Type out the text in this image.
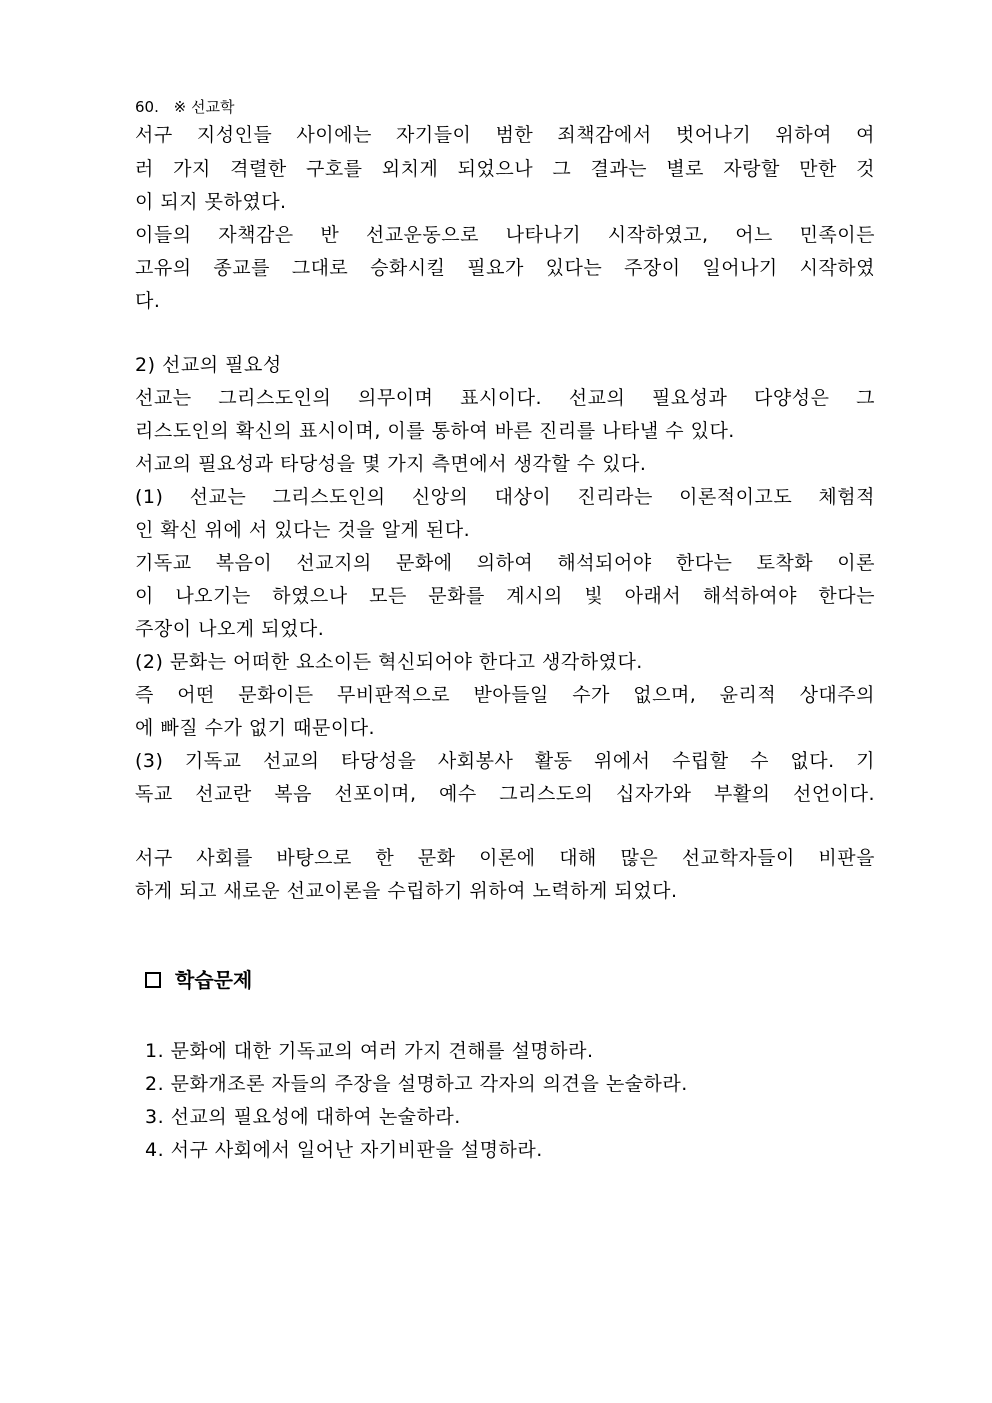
60. ※ 선교학
서구 지성인들 사이에는 자기들이 범한 죄책감에서 벗어나기 위하여 여
러 가지 격렬한 구호를 외치게 되었으나 그 결과는 별로 자랑할 만한 것
이 되지 못하였다.
이들의 자책감은 반 선교운동으로 나타나기 시작하였고, 어느 민족이든
고유의 종교를 그대로 승화시킬 필요가 있다는 주장이 일어나기 시작하였
다.
2) 선교의 필요성
선교는 그리스도인의 의무이며 표시이다. 선교의 필요성과 다양성은 그
리스도인의 확신의 표시이며, 이를 통하여 바른 진리를 나타낼 수 있다.
서교의 필요성과 타당성을 몇 가지 측면에서 생각할 수 있다.
(1) 선교는 그리스도인의 신앙의 대상이 진리라는 이론적이고도 체험적
인 확신 위에 서 있다는 것을 알게 된다.
기독교 복음이 선교지의 문화에 의하여 해석되어야 한다는 토착화 이론
이 나오기는 하였으나 모든 문화를 계시의 빛 아래서 해석하여야 한다는
주장이 나오게 되었다.
(2) 문화는 어떠한 요소이든 혁신되어야 한다고 생각하였다.
즉 어떤 문화이든 무비판적으로 받아들일 수가 없으며, 윤리적 상대주의
에 빠질 수가 없기 때문이다.
(3) 기독교 선교의 타당성을 사회봉사 활동 위에서 수립할 수 없다. 기
독교 선교란 복음 선포이며, 예수 그리스도의 십자가와 부활의 선언이다.
서구 사회를 바탕으로 한 문화 이론에 대해 많은 선교학자들이 비판을
하게 되고 새로운 선교이론을 수립하기 위하여 노력하게 되었다.
학습문제
1. 문화에 대한 기독교의 여러 가지 견해를 설명하라.
2. 문화개조론 자들의 주장을 설명하고 각자의 의견을 논술하라.
3. 선교의 필요성에 대하여 논술하라.
4. 서구 사회에서 일어난 자기비판을 설명하라.
